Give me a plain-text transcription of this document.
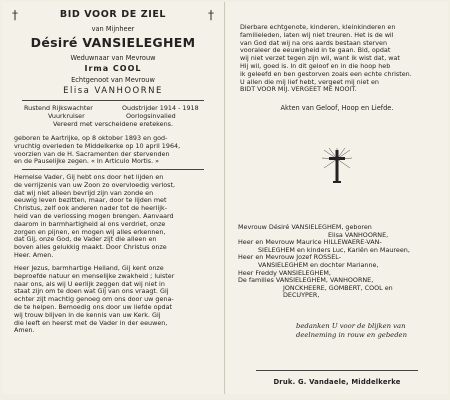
†	BID VOOR DE ZIEL	†
van Mijnheer
Désiré VANSIELEGHEM
Weduwnaar van Mevrouw
Irma COOL
Echtgenoot van Mevrouw
Elisa VANHOORNE
Rustend Rijkswachter	Oudstrijder 1914 - 1918
Vuurkruiser	Oorlogsinvalied
Vereerd met verscheidene eretekens.
geboren te Aartrijke, op 8 oktober 1893 en god-
vruchtig overleden te Middelkerke op 10 april 1964,
voorzien van de H. Sacramenten der stervenden
en de Pauselijke zegen. « In Articulo Mortis. »
Hemelse Vader, Gij hebt ons door het lijden en
de verrijzenis van uw Zoon zo overvloedig verlost,
dat wij niet alleen bevrijd zijn van zonde en
eeuwig leven bezitten, maar, door te lijden met
Christus, zelf ook anderen nader tot de heerlijk-
heid van de verlossing mogen brengen. Aanvaard
daarom in barmhartigheid al ons verdriet, onze
zorgen en pijnen, en mogen wij alles erkennen,
dat Gij, onze God, de Vader zijt die alleen en
boven alles gelukkig maakt. Door Christus onze
Heer. Amen.
Heer Jezus, barmhartige Heiland, Gij kent onze
beproefde natuur en menselijke zwakheid ; luister
naar ons, als wij U eerlijk zeggen dat wij niet in
staat zijn om te doen wat Gij van ons vraagt. Gij
echter zijt machtig genoeg om ons door uw gena-
de te helpen. Bemoedig ons door uw liefde opdat
wij trouw blijven in de kennis van uw Kerk. Gij
die leeft en heerst met de Vader in der eeuwen,
Amen.
Dierbare echtgenote, kinderen, kleinkinderen en
familieleden, laten wij niet treuren. Het is de wil
van God dat wij na ons aards bestaan sterven
vooraleer de eeuwigheid in te gaan. Bid, opdat
wij niet verzet tegen zijn wil, want ik wist dat, wat
Hij wil, goed is. In dit geloof en in die hoop heb
ik geleefd en ben gestorven zoals een echte christen.
U allen die mij lief hebt, vergeet mij niet en
BIDT VOOR MIJ. VERGEET ME NOOIT.
Akten van Geloof, Hoop en Liefde.
Mevrouw Désiré VANSIELEGHEM, geboren
Elisa VANHOORNE,
Heer en Mevrouw Maurice HILLEWAERE-VAN-
SIELEGHEM en kinders Luc, Kariën en Maureen,
Heer en Mevrouw Jozef ROSSEL-
VANSIELEGHEM en dochter Marianne,
Heer Freddy VANSIELEGHEM,
De families VANSIELEGHEM, VANHOORNE,
JONCKHEERE, GOMBERT, COOL en
DECUYPER,
bedanken U voor de blijken van
deelneming in rouw en gebeden
Druk. G. Vandaele, Middelkerke
